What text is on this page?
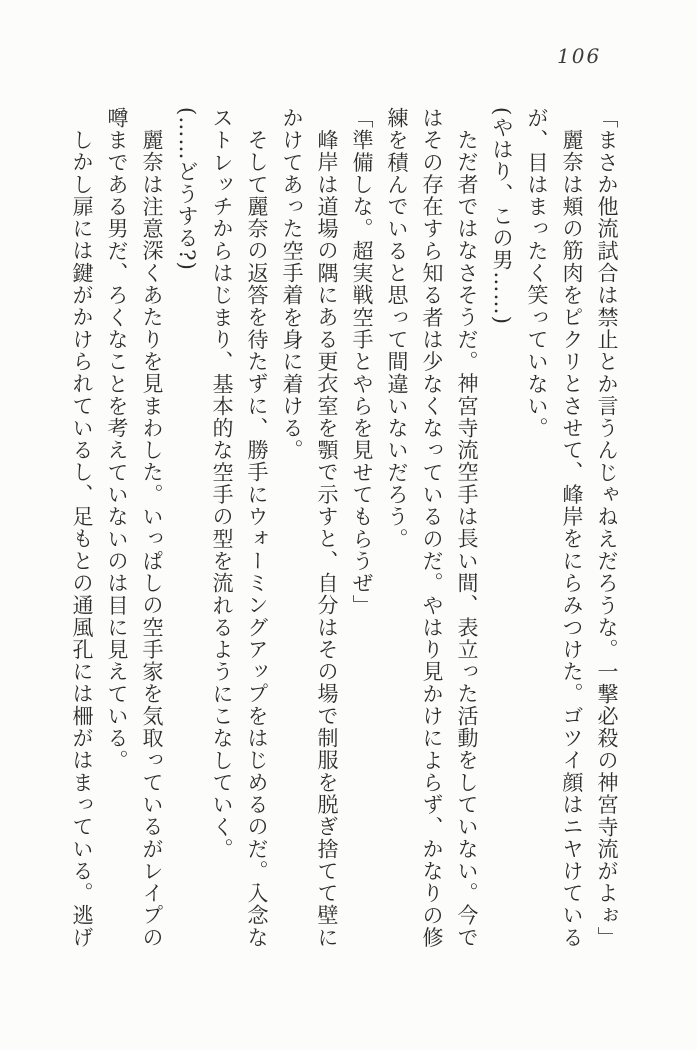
106
「まさか他流試合は禁止とか言うんじゃねえだろうな。一撃必殺の神宮寺流がよぉ」
麗奈は頬の筋肉をピクリとさせて、峰岸をにらみつけた。ゴツイ顔はニヤけている
が、目はまったく笑っていない。
(やはり、この男……)
ただ者ではなさそうだ。神宮寺流空手は長い間、表立った活動をしていない。今で
はその存在すら知る者は少なくなっているのだ。やはり見かけによらず、かなりの修
練を積んでいると思って間違いないだろう。
「準備しな。超実戦空手とやらを見せてもらうぜ」
峰岸は道場の隅にある更衣室を顎で示すと、自分はその場で制服を脱ぎ捨てて壁に
かけてあった空手着を身に着ける。
そして麗奈の返答を待たずに、勝手にウォーミングアップをはじめるのだ。入念な
ストレッチからはじまり、基本的な空手の型を流れるようにこなしていく。
(……どうする?)
麗奈は注意深くあたりを見まわした。いっぱしの空手家を気取っているがレイプの
噂まである男だ、ろくなことを考えていないのは目に見えている。
しかし扉には鍵がかけられているし、足もとの通風孔には柵がはまっている。逃げ
